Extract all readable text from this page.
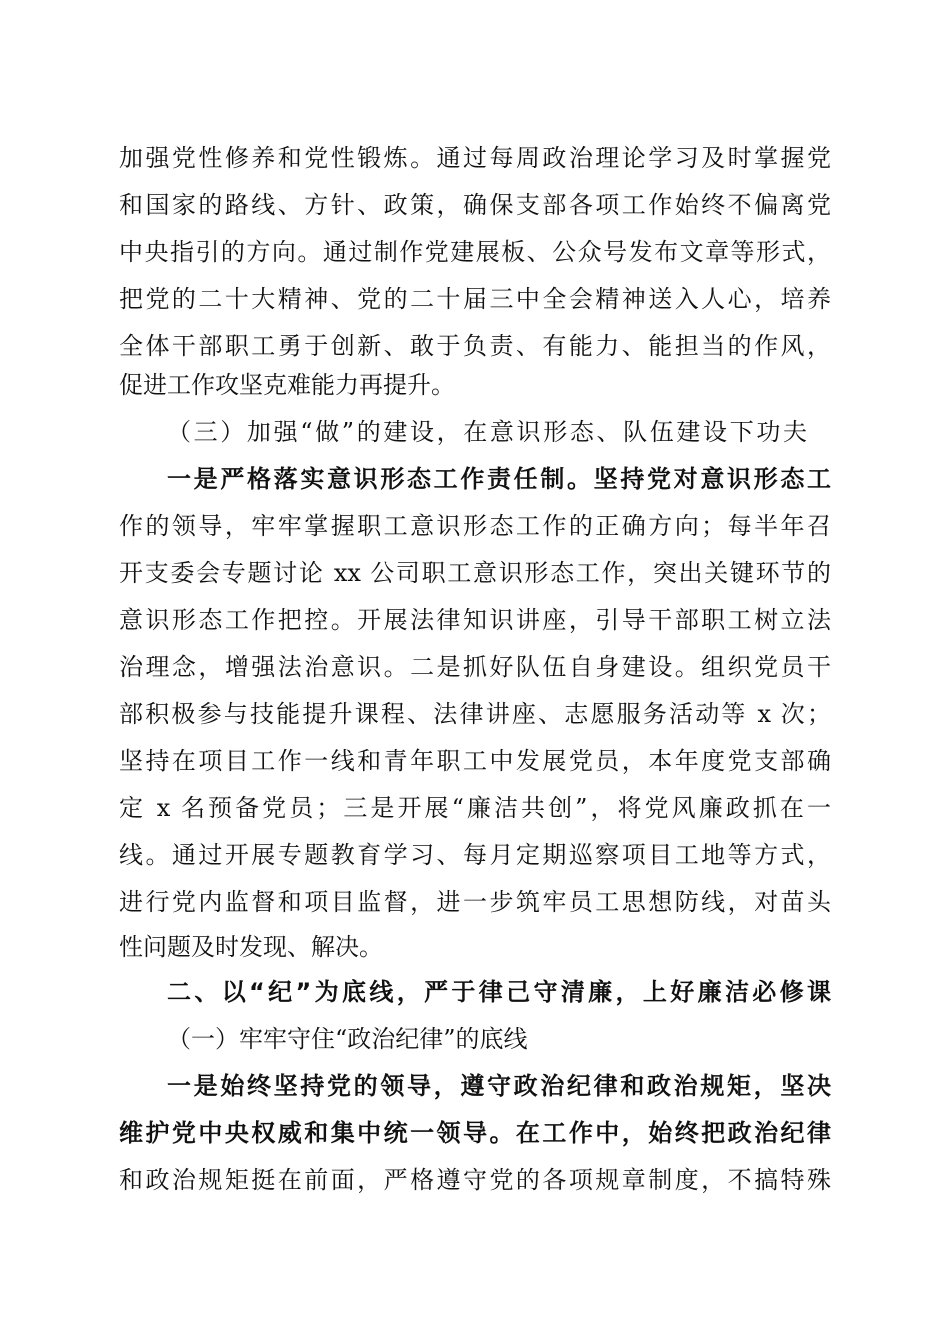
加强党性修养和党性锻炼。通过每周政治理论学习及时掌握党
和国家的路线、方针、政策，确保支部各项工作始终不偏离党
中央指引的方向。通过制作党建展板、公众号发布文章等形式，
把党的二十大精神、党的二十届三中全会精神送入人心，培养
全体干部职工勇于创新、敢于负责、有能力、能担当的作风，
促进工作攻坚克难能力再提升。
（三）加强“做”的建设，在意识形态、队伍建设下功夫
一是严格落实意识形态工作责任制。坚持党对意识形态工
作的领导，牢牢掌握职工意识形态工作的正确方向；每半年召
开支委会专题讨论 xx 公司职工意识形态工作，突出关键环节的
意识形态工作把控。开展法律知识讲座，引导干部职工树立法
治理念，增强法治意识。二是抓好队伍自身建设。组织党员干
部积极参与技能提升课程、法律讲座、志愿服务活动等 x 次；
坚持在项目工作一线和青年职工中发展党员，本年度党支部确
定 x 名预备党员；三是开展“廉洁共创”，将党风廉政抓在一
线。通过开展专题教育学习、每月定期巡察项目工地等方式，
进行党内监督和项目监督，进一步筑牢员工思想防线，对苗头
性问题及时发现、解决。
二、以“纪”为底线，严于律己守清廉，上好廉洁必修课
（一）牢牢守住“政治纪律”的底线
一是始终坚持党的领导，遵守政治纪律和政治规矩，坚决
维护党中央权威和集中统一领导。在工作中，始终把政治纪律
和政治规矩挺在前面，严格遵守党的各项规章制度，不搞特殊
